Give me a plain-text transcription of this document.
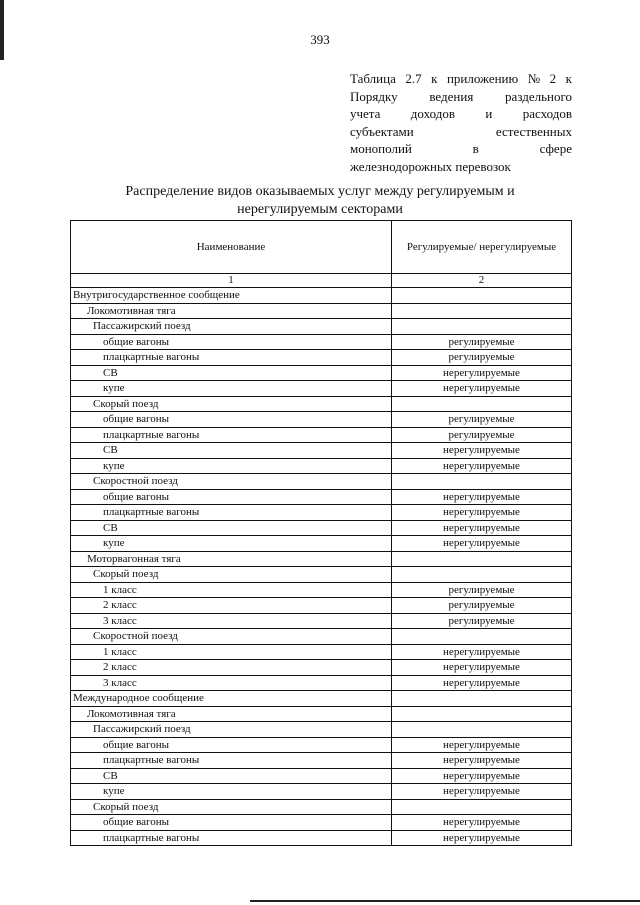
393
Таблица 2.7 к приложению № 2 к
Порядку ведения раздельного
учета доходов и расходов
субъектами	естественных
монополий	в	сфере
железнодорожных перевозок
Распределение видов оказываемых услуг между регулируемым и
нерегулируемым секторами
Наименование	Регулируемые/ нерегулируемые
1	2
Внутригосударственное сообщение	
Локомотивная тяга	
Пассажирский поезд	
общие вагоны	регулируемые
плацкартные вагоны	регулируемые
СВ	нерегулируемые
купе	нерегулируемые
Скорый поезд	
общие вагоны	регулируемые
плацкартные вагоны	регулируемые
СВ	нерегулируемые
купе	нерегулируемые
Скоростной поезд	
общие вагоны	нерегулируемые
плацкартные вагоны	нерегулируемые
СВ	нерегулируемые
купе	нерегулируемые
Моторвагонная тяга	
Скорый поезд	
1 класс	регулируемые
2 класс	регулируемые
3 класс	регулируемые
Скоростной поезд	
1 класс	нерегулируемые
2 класс	нерегулируемые
3 класс	нерегулируемые
Международное сообщение	
Локомотивная тяга	
Пассажирский поезд	
общие вагоны	нерегулируемые
плацкартные вагоны	нерегулируемые
СВ	нерегулируемые
купе	нерегулируемые
Скорый поезд	
общие вагоны	нерегулируемые
плацкартные вагоны	нерегулируемые
